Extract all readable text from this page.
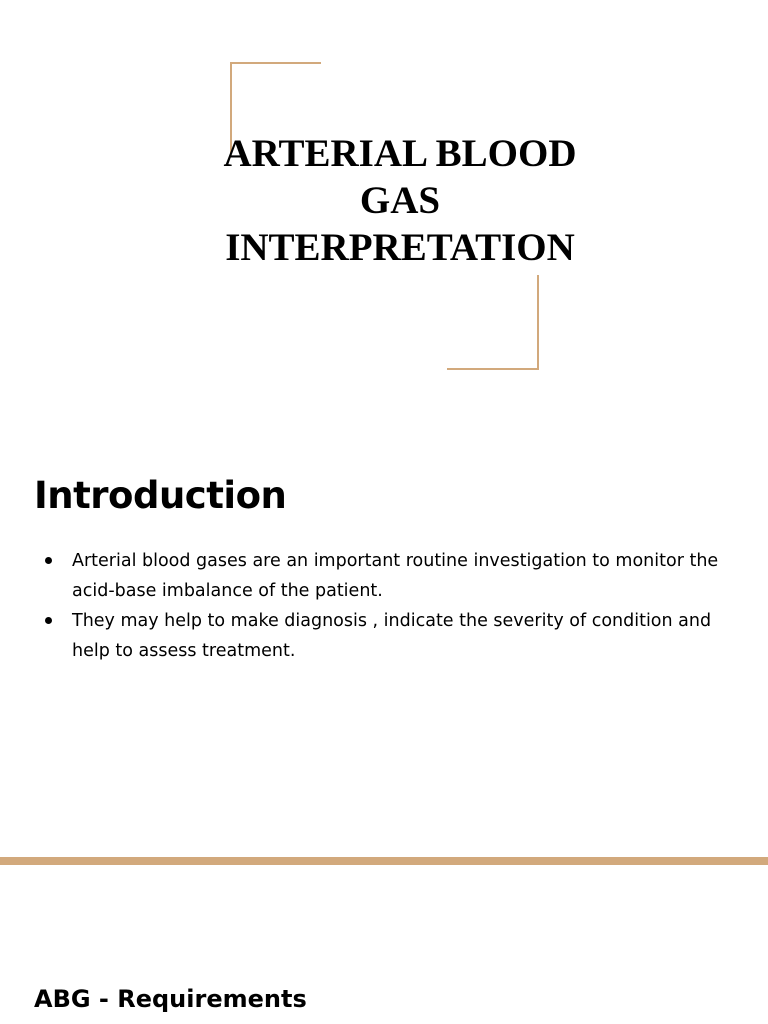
ARTERIAL BLOOD
GAS
INTERPRETATION
Introduction
Arterial blood gases are an important routine investigation to monitor the
acid-base imbalance of the patient.
They may help to make diagnosis , indicate the severity of condition and
help to assess treatment.
ABG - Requirements
